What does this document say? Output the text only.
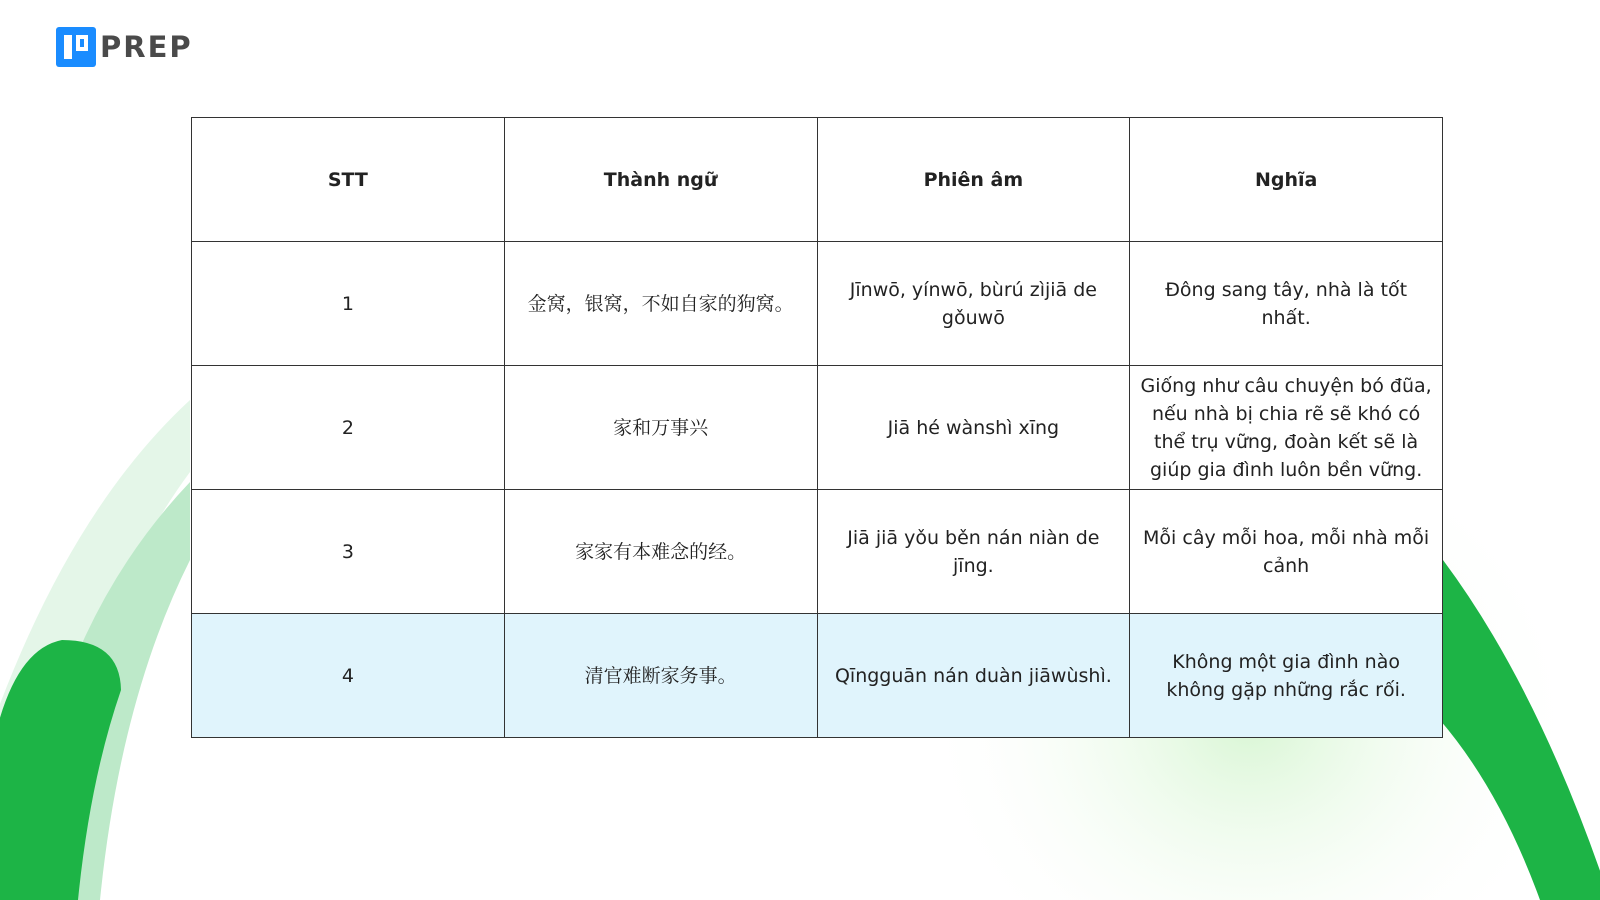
PREP
STT	Thành ngữ	Phiên âm	Nghĩa
1	金窝，银窝，不如自家的狗窝。	Jīnwō, yínwō, bùrú zìjiā de gǒuwō	Đông sang tây, nhà là tốt nhất.
2	家和万事兴	Jiā hé wànshì xīng	Giống như câu chuyện bó đũa, nếu nhà bị chia rẽ sẽ khó có thể trụ vững, đoàn kết sẽ là giúp gia đình luôn bền vững.
3	家家有本难念的经。	Jiā jiā yǒu běn nán niàn de jīng.	Mỗi cây mỗi hoa, mỗi nhà mỗi cảnh
4	清官难断家务事。	Qīngguān nán duàn jiāwùshì.	Không một gia đình nào không gặp những rắc rối.
